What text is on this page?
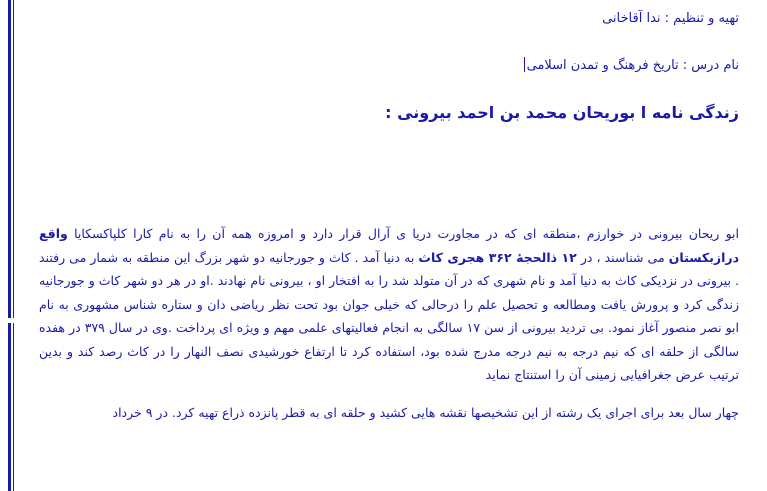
تهیه و تنظیم : ندا آقاخانی
نام درس : تاریخ فرهنگ و تمدن اسلامی
زندگی نامه ا بوریحان محمد بن احمد بیرونی :

ابو ریحان بیرونی در خوارزم ،منطقه ای که در مجاورت دریا ی آرال قرار دارد و امروزه همه آن را به نام کارا کلپاکسکایا واقع درازبکستان می شناسند ، در ۱۲ ذالحجهٔ ۳۶۲ هجری کاث به دنیا آمد . کاث و جورجانیه دو شهر بزرگ این منطقه به شمار می رفتند . بیرونی در نزدیکی کاث به دنیا آمد و نام شهری که در آن متولد شد را به افتخار او ، بیرونی نام نهادند .او در هر دو شهر کاث و جورجانیه زندگی کرد و پرورش یافت ومطالعه و تحصیل علم را درحالی که خیلی جوان بود تحت نظر ریاضی دان و ستاره شناس مشهوری به نام ابو نصر منصور آغاز نمود. بی تردید بیرونی از سن ۱۷ سالگی به انجام فعالیتهای علمی مهم و ویژه ای پرداخت .وی در سال ۳۷۹ در هفده سالگی از حلقه ای که نیم درجه به نیم درجه مدرج شده بود، استفاده کرد تا ارتفاع خورشیدی نصف النهار را در کاث رصد کند و بدین ترتیب عرض جغرافیایی زمینی آن را استنتاج نماید

چهار سال بعد برای اجرای یک رشته از این تشخیصها نقشه هایی کشید و حلقه ای به قطر پانزده ذراع تهیه کرد. در ۹ خرداد
